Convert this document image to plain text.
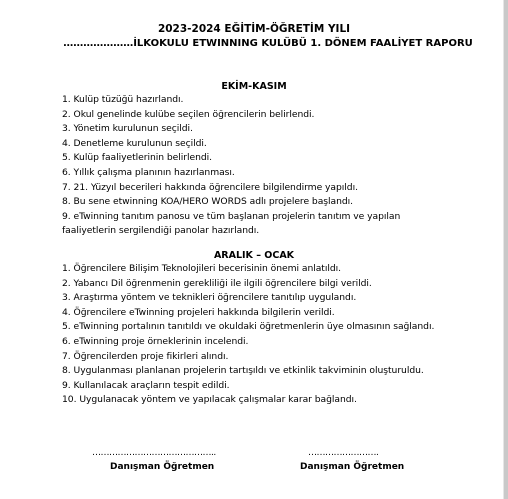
2023-2024 EĞİTİM-ÖĞRETİM YILI
…………………İLKOKULU ETWINNING KULÜBÜ 1. DÖNEM FAALİYET RAPORU
EKİM-KASIM
1. Kulüp tüzüğü hazırlandı.
2. Okul genelinde kulübe seçilen öğrencilerin belirlendi.
3. Yönetim kurulunun seçildi.
4. Denetleme kurulunun seçildi.
5. Kulüp faaliyetlerinin belirlendi.
6. Yıllık çalışma planının hazırlanması.
7. 21. Yüzyıl becerileri hakkında öğrencilere bilgilendirme yapıldı.
8. Bu sene etwinning KOA/HERO WORDS adlı projelere başlandı.
9. eTwinning tanıtım panosu ve tüm başlanan projelerin tanıtım ve yapılan faaliyetlerin sergilendiği panolar hazırlandı.
ARALIK – OCAK
1. Öğrencilere Bilişim Teknolojileri becerisinin önemi anlatıldı.
2. Yabancı Dil öğrenmenin gerekliliği ile ilgili öğrencilere bilgi verildi.
3. Araştırma yöntem ve teknikleri öğrencilere tanıtılıp uygulandı.
4. Öğrencilere eTwinning projeleri hakkında bilgilerin verildi.
5. eTwinning portalının tanıtıldı ve okuldaki öğretmenlerin üye olmasının sağlandı.
6. eTwinning proje örneklerinin incelendi.
7. Öğrencilerden proje fikirleri alındı.
8. Uygulanması planlanan projelerin tartışıldı ve etkinlik takviminin oluşturuldu.
9. Kullanılacak araçların tespit edildi.
10. Uygulanacak yöntem ve yapılacak çalışmalar karar bağlandı.
……………………………………..
Danışman Öğretmen
…………………….
Danışman Öğretmen
